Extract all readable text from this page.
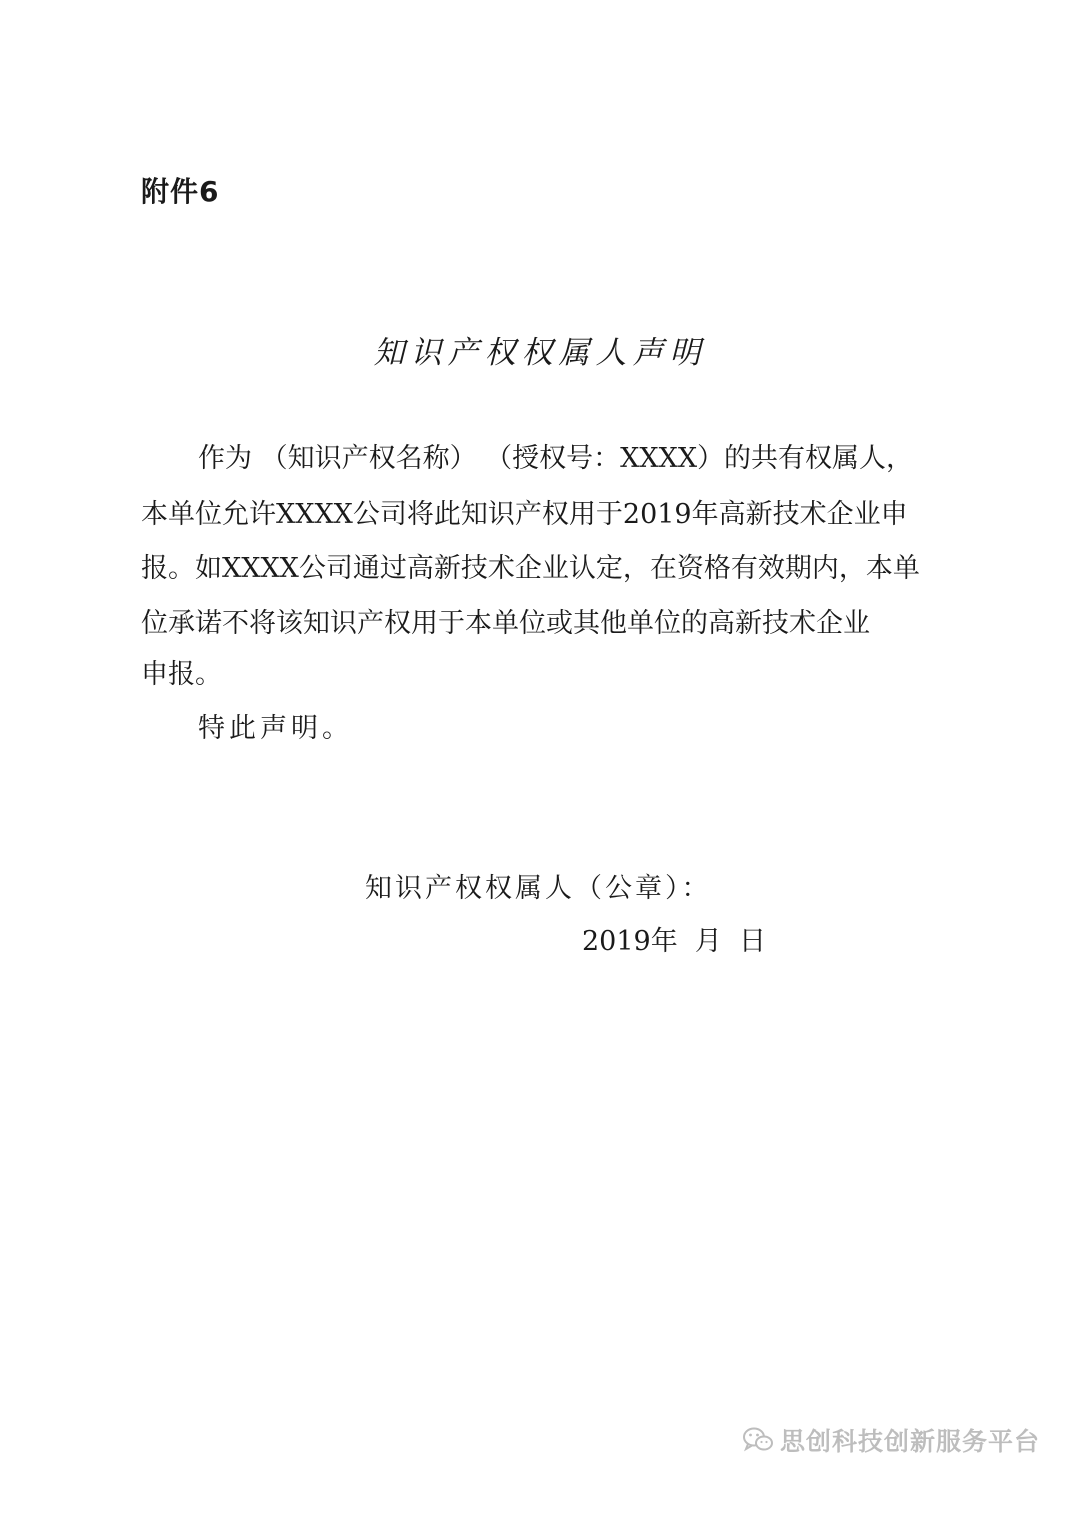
附件6
知识产权权属人声明
作为 （知识产权名称） （授权号：XXXX）的共有权属人，
本单位允许XXXX公司将此知识产权用于2019年高新技术企业申
报。如XXXX公司通过高新技术企业认定，在资格有效期内，本单
位承诺不将该知识产权用于本单位或其他单位的高新技术企业
申报。
特此声明。
知识产权权属人（公章）：
2019年  月  日
思创科技创新服务平台
